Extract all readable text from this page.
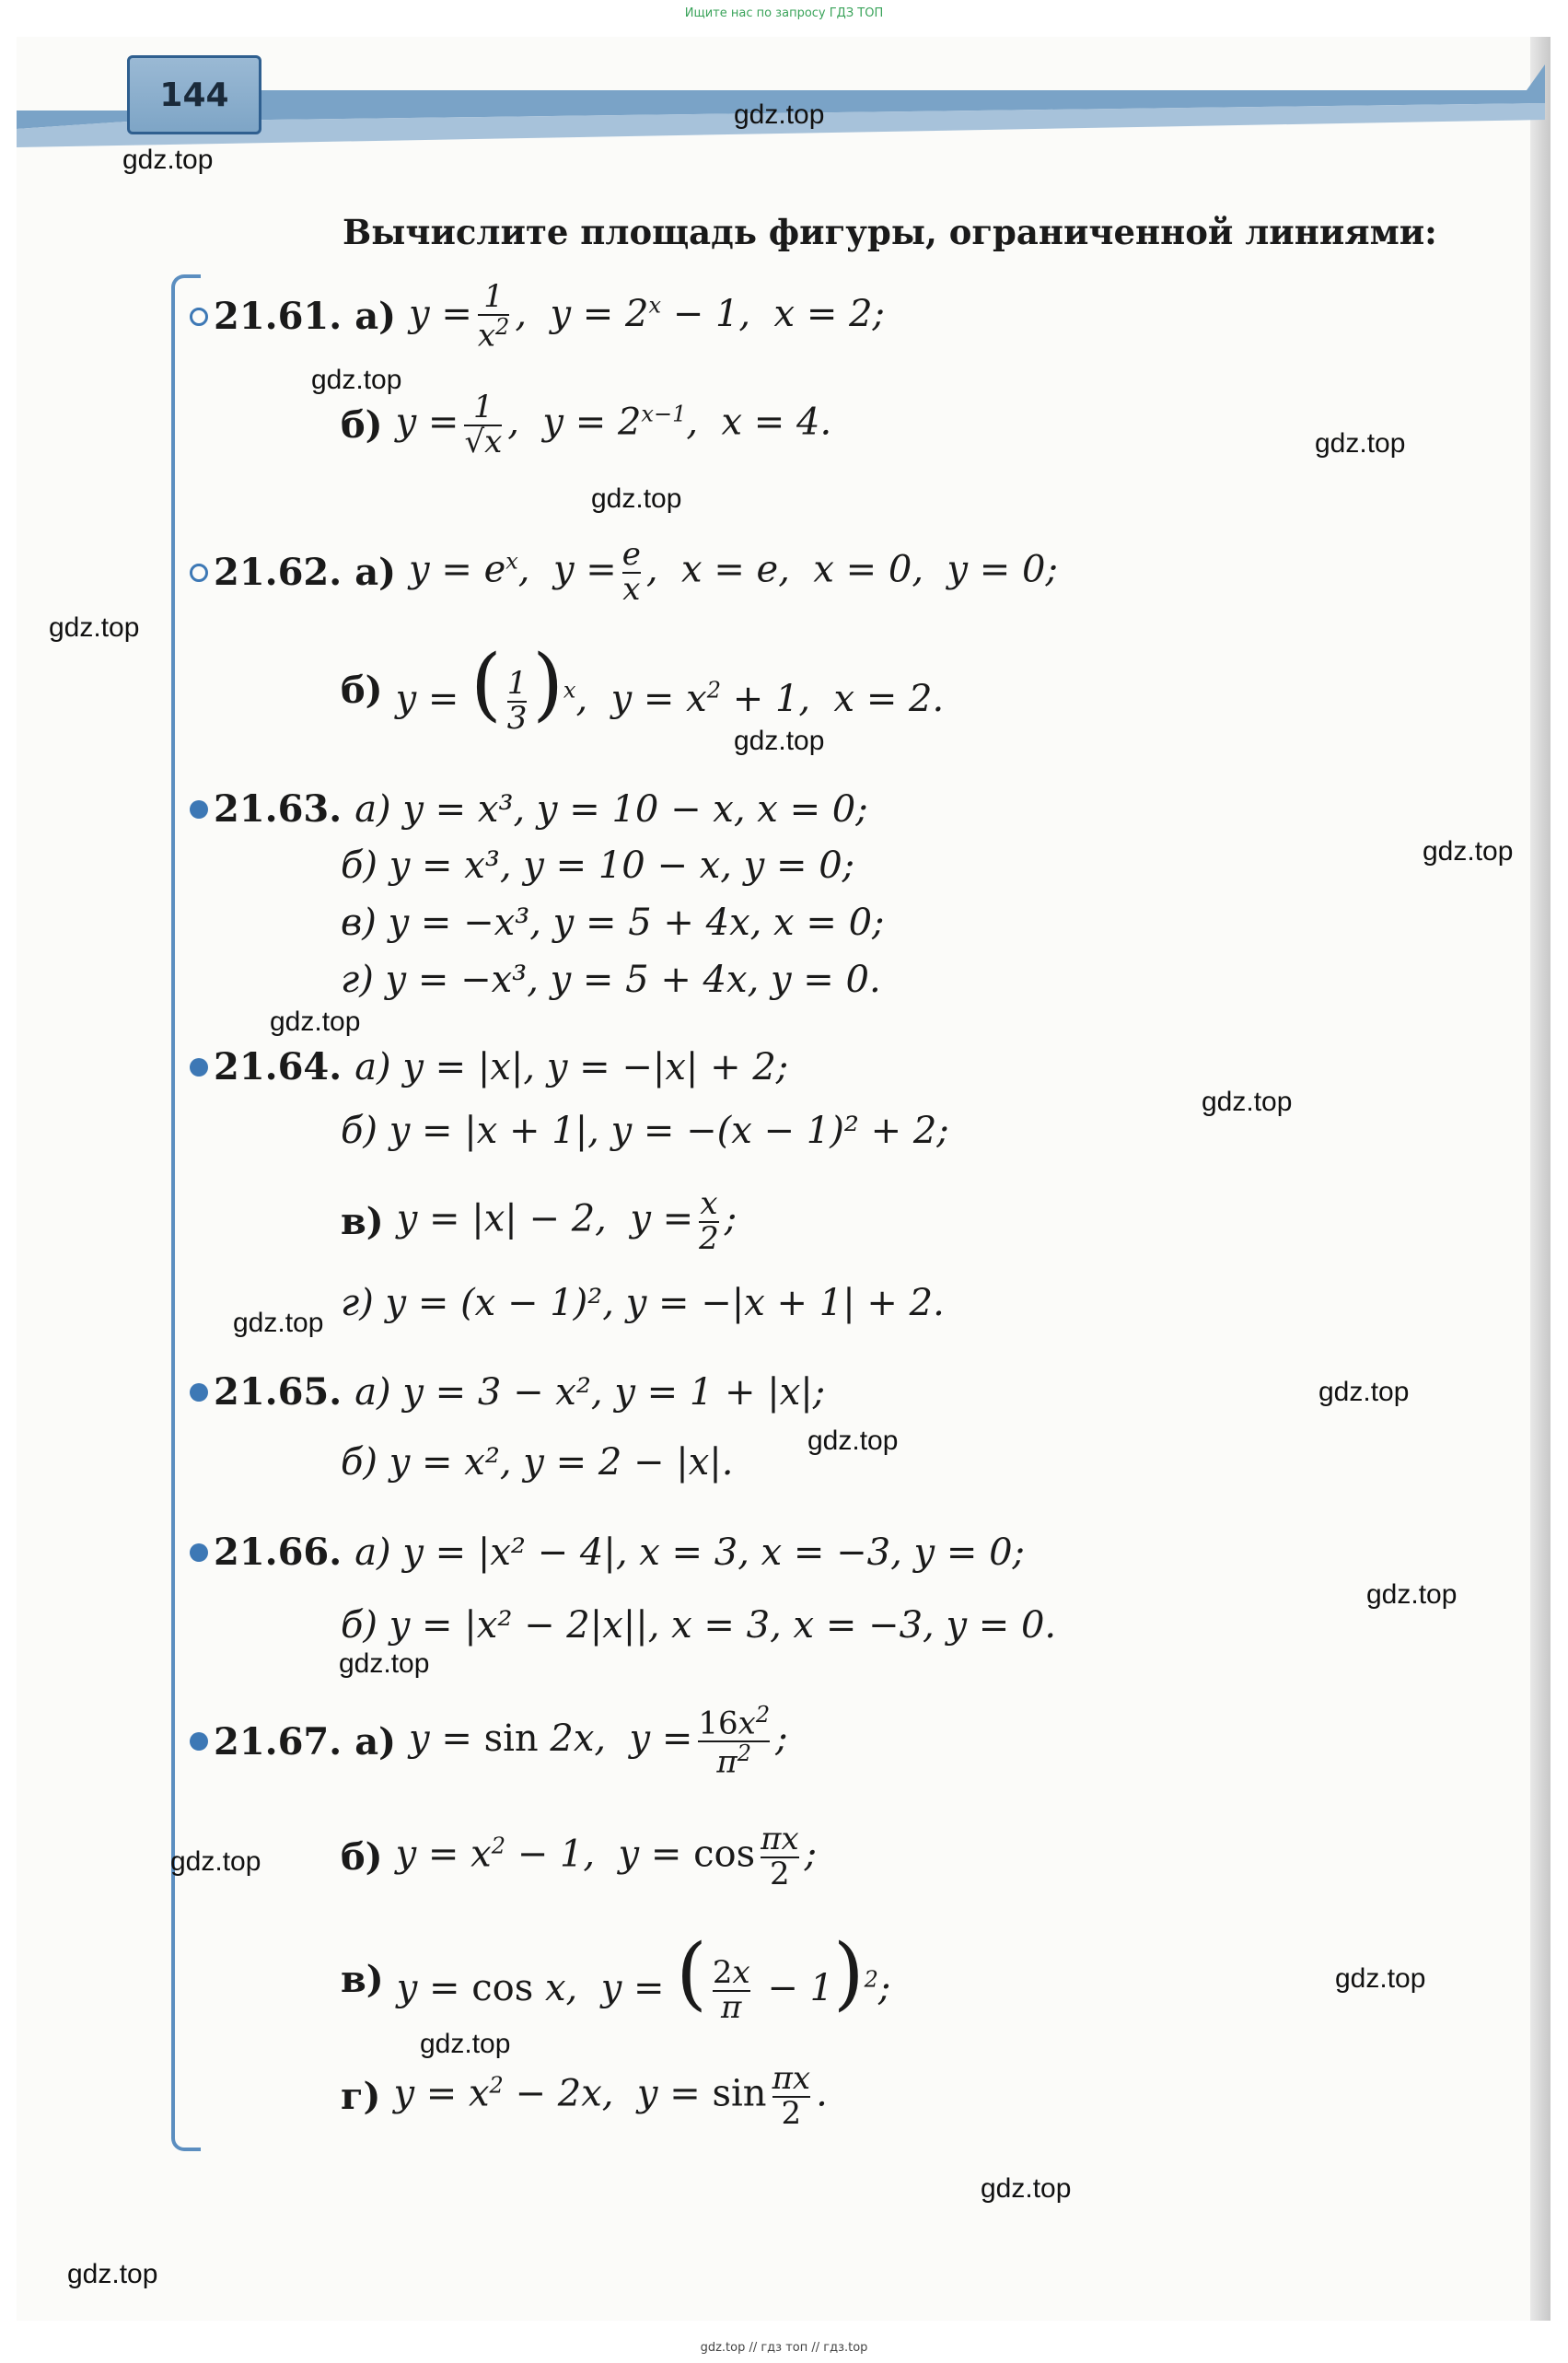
Ищите нас по запросу ГДЗ ТОП
144
Вычислите площадь фигуры, ограниченной линиями:
21.61. а) $y = \frac{1}{x^2}$ ,  $y = 2^x - 1$,  x = 2;
б) $y = \frac{1}{√x}$ ,  $y = 2^{x-1}$,  x = 4.
21.62. а) $y = e^x$,  $y = \frac{e}{x}$ ,  x = e,  x = 0,  y = 0;
б) y = ( $\frac{1}{3} )^x$,  $y = x^2 + 1$,  x = 2.
21.63. а) y = x³, y = 10 − x, x = 0;
б) y = x³, y = 10 − x, y = 0;
в) y = −x³, y = 5 + 4x, x = 0;
г) y = −x³, y = 5 + 4x, y = 0.
21.64. а) y = |x|, y = −|x| + 2;
б) y = |x + 1|, y = −(x − 1)² + 2;
в) y = |x| − 2,  $y = \frac{x}{2}$ ;
г) y = (x − 1)², y = −|x + 1| + 2.
21.65. а) y = 3 − x², y = 1 + |x|;
б) y = x², y = 2 − |x|.
21.66. а) y = |x² − 4|, x = 3, x = −3, y = 0;
б) y = |x² − 2|x||, x = 3, x = −3, y = 0.
21.67. а) y = sin 2x,  $y = \frac{16x^2}{\pi^2}$ ;
б) $y = x^2 - 1$,  $y = \cos \frac{\pi x}{2}$ ;
в) y = cos x,  y = ( $\frac{2x}{\pi} - 1)^2$;
г) $y = x^2 - 2x$,  $y = \sin \frac{\pi x}{2}$ .
gdz.top
gdz.top
gdz.top
gdz.top
gdz.top
gdz.top
gdz.top
gdz.top
gdz.top
gdz.top
gdz.top
gdz.top
gdz.top
gdz.top
gdz.top
gdz.top
gdz.top
gdz.top
gdz.top
gdz.top
gdz.top // гдз топ // гдз.top
